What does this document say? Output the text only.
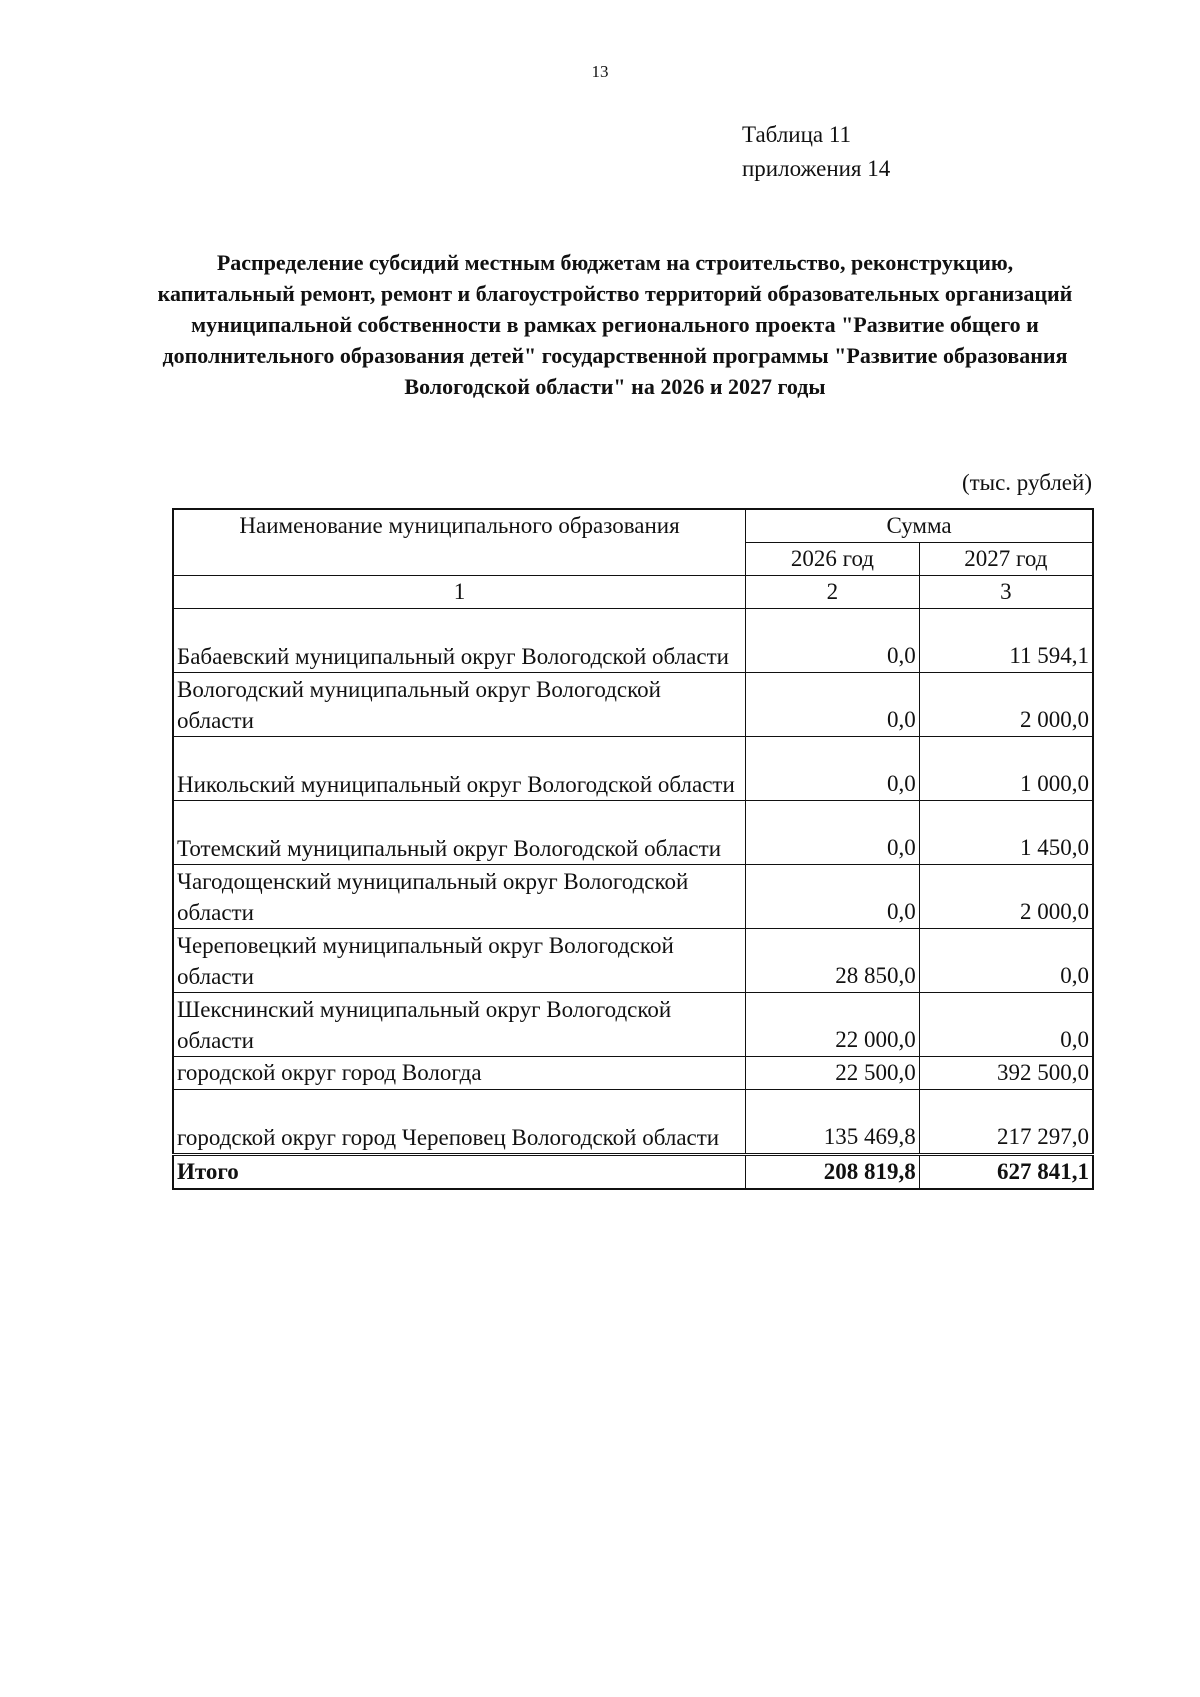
13
Таблица 11
приложения 14
Распределение субсидий местным бюджетам на строительство, реконструкцию, капитальный ремонт, ремонт и благоустройство территорий образовательных организаций муниципальной собственности в рамках регионального проекта "Развитие общего и дополнительного образования детей" государственной программы "Развитие образования Вологодской области" на 2026 и 2027 годы
(тыс. рублей)
Наименование муниципального образования	Сумма	
	2026 год	2027 год
1	2	3
Бабаевский муниципальный округ Вологодской области	0,0	11 594,1
Вологодский муниципальный округ Вологодской области	0,0	2 000,0
Никольский муниципальный округ Вологодской области	0,0	1 000,0
Тотемский муниципальный округ Вологодской области	0,0	1 450,0
Чагодощенский муниципальный округ Вологодской области	0,0	2 000,0
Череповецкий муниципальный округ Вологодской области	28 850,0	0,0
Шекснинский муниципальный округ Вологодской области	22 000,0	0,0
городской округ город Вологда	22 500,0	392 500,0
городской округ город Череповец Вологодской области	135 469,8	217 297,0
Итого	208 819,8	627 841,1
